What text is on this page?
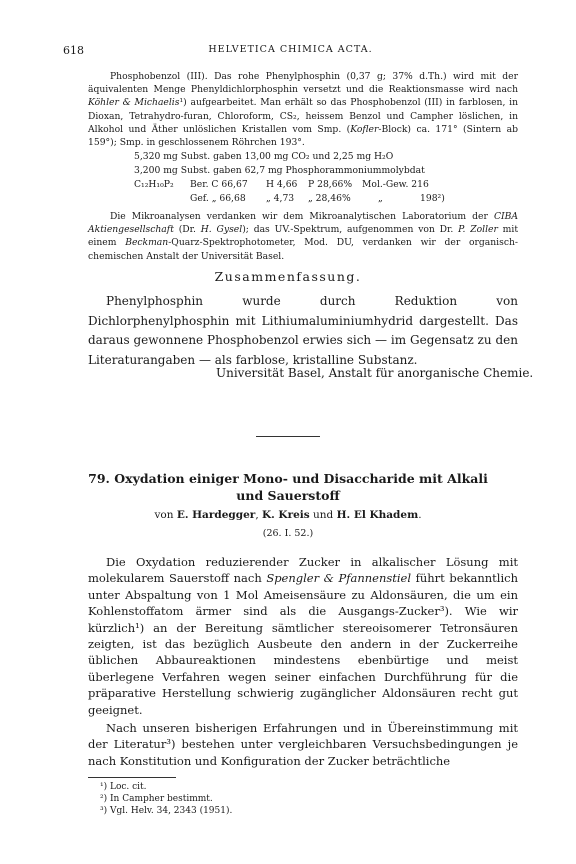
618	HELVETICA CHIMICA ACTA.

Phosphobenzol (III). Das rohe Phenylphosphin (0,37 g; 37% d.Th.) wird mit der äquivalenten Menge Phenyldichlorphosphin versetzt und die Reaktionsmasse wird nach Köhler & Michaelis¹) aufgearbeitet. Man erhält so das Phosphobenzol (III) in farblosen, in Dioxan, Tetrahydro-furan, Chloroform, CS₂, heissem Benzol und Campher löslichen, in Alkohol und Äther unlöslichen Kristallen vom Smp. (Kofler-Block) ca. 171° (Sintern ab 159°); Smp. in geschlossenem Röhrchen 193°.

5,320 mg Subst. gaben 13,00 mg CO₂ und 2,25 mg H₂O
3,200 mg Subst. gaben 62,7 mg Phosphorammoniummolybdat
C₁₂H₁₀P₂ Ber. C 66,67 H 4,66 P 28,66% Mol.-Gew. 216
Gef. „ 66,68 „ 4,73 „ 28,46%	„	198²)

Die Mikroanalysen verdanken wir dem Mikroanalytischen Laboratorium der CIBA Aktiengesellschaft (Dr. H. Gysel); das UV.-Spektrum, aufgenommen von Dr. P. Zoller mit einem Beckman-Quarz-Spektrophotometer, Mod. DU, verdanken wir der organisch-chemischen Anstalt der Universität Basel.

Zusammenfassung.

Phenylphosphin wurde durch Reduktion von Dichlorphenylphosphin mit Lithiumaluminiumhydrid dargestellt. Das daraus gewonnene Phosphobenzol erwies sich — im Gegensatz zu den Literaturangaben — als farblose, kristalline Substanz.

Universität Basel, Anstalt für anorganische Chemie.
79. Oxydation einiger Mono- und Disaccharide mit Alkali
und Sauerstoff
von E. Hardegger, K. Kreis und H. El Khadem.
(26. I. 52.)

Die Oxydation reduzierender Zucker in alkalischer Lösung mit molekularem Sauerstoff nach Spengler & Pfannenstiel führt bekanntlich unter Abspaltung von 1 Mol Ameisensäure zu Aldonsäuren, die um ein Kohlenstoffatom ärmer sind als die Ausgangs-Zucker³). Wie wir kürzlich¹) an der Bereitung sämtlicher stereoisomerer Tetronsäuren zeigten, ist das bezüglich Ausbeute den andern in der Zuckerreihe üblichen Abbaureaktionen mindestens ebenbürtige und meist überlegene Verfahren wegen seiner einfachen Durchführung für die präparative Herstellung schwierig zugänglicher Aldonsäuren recht gut geeignet.

Nach unseren bisherigen Erfahrungen und in Übereinstimmung mit der Literatur³) bestehen unter vergleichbaren Versuchsbedingungen je nach Konstitution und Konfiguration der Zucker beträchtliche

¹) Loc. cit.
²) In Campher bestimmt.
³) Vgl. Helv. 34, 2343 (1951).
